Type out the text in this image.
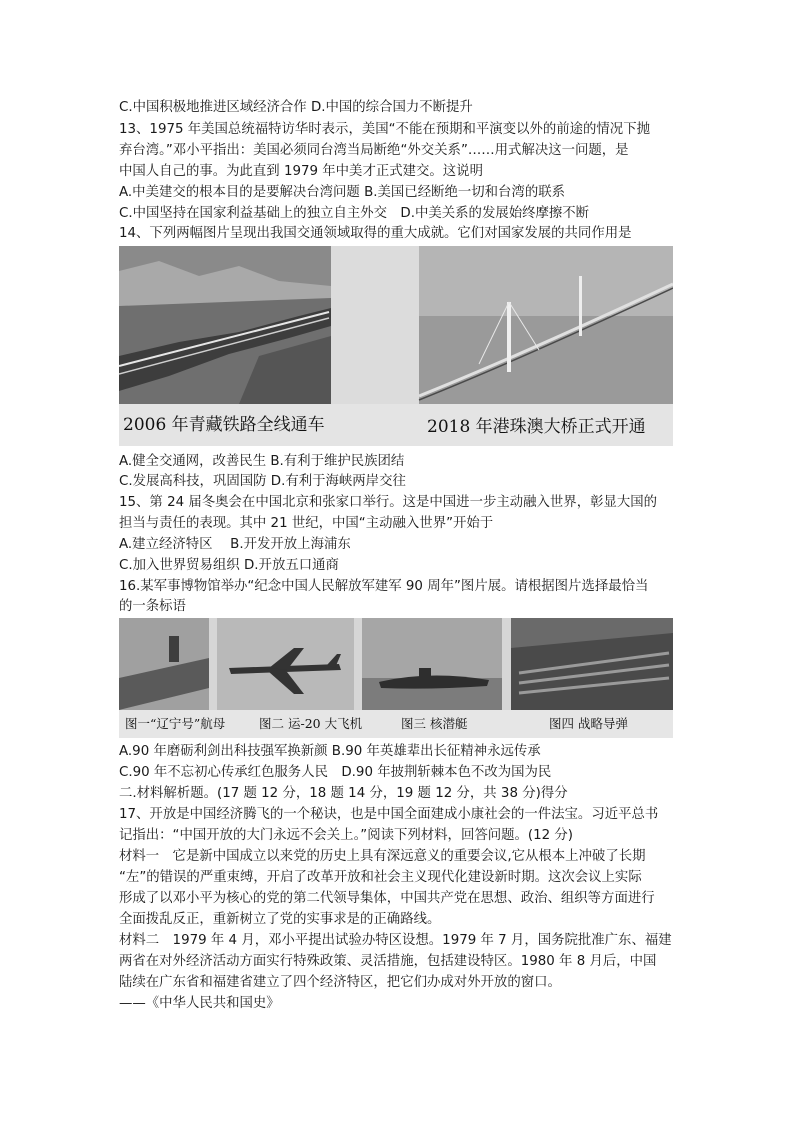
C.中国积极地推进区域经济合作 D.中国的综合国力不断提升
13、1975 年美国总统福特访华时表示，美国“不能在预期和平演变以外的前途的情况下抛
弃台湾。”邓小平指出：美国必须同台湾当局断绝“外交关系”……用式解决这一问题，是
中国人自己的事。为此直到 1979 年中美才正式建交。这说明
A.中美建交的根本目的是要解决台湾问题 B.美国已经断绝一切和台湾的联系
C.中国坚持在国家利益基础上的独立自主外交　D.中美关系的发展始终摩擦不断
14、下列两幅图片呈现出我国交通领域取得的重大成就。它们对国家发展的共同作用是
2006 年青藏铁路全线通车	2018 年港珠澳大桥正式开通
A.健全交通网，改善民生 B.有利于维护民族团结
C.发展高科技，巩固国防 D.有利于海峡两岸交往
15、第 24 届冬奥会在中国北京和张家口举行。这是中国进一步主动融入世界，彰显大国的
担当与责任的表现。其中 21 世纪，中国“主动融入世界”开始于
A.建立经济特区　 B.开发开放上海浦东
C.加入世界贸易组织 D.开放五口通商
16.某军事博物馆举办“纪念中国人民解放军建军 90 周年”图片展。请根据图片选择最恰当
的一条标语
图一“辽宁号”航母	图二 运-20 大飞机	图三 核潜艇	图四 战略导弹
A.90 年磨砺利剑出科技强军换新颜 B.90 年英雄辈出长征精神永远传承
C.90 年不忘初心传承红色服务人民　D.90 年披荆斩棘本色不改为国为民
二.材料解析题。(17 题 12 分，18 题 14 分，19 题 12 分，共 38 分)得分
17、开放是中国经济腾飞的一个秘诀，也是中国全面建成小康社会的一件法宝。习近平总书
记指出：“中国开放的大门永远不会关上。”阅读下列材料，回答问题。(12 分)
材料一　它是新中国成立以来党的历史上具有深远意义的重要会议,它从根本上冲破了长期
“左”的错误的严重束缚，开启了改革开放和社会主义现代化建设新时期。这次会议上实际
形成了以邓小平为核心的党的第二代领导集体，中国共产党在思想、政治、组织等方面进行
全面拨乱反正，重新树立了党的实事求是的正确路线。
材料二　1979 年 4 月，邓小平提出试验办特区设想。1979 年 7 月，国务院批准广东、福建
两省在对外经济活动方面实行特殊政策、灵活措施，包括建设特区。1980 年 8 月后，中国
陆续在广东省和福建省建立了四个经济特区，把它们办成对外开放的窗口。
——《中华人民共和国史》
